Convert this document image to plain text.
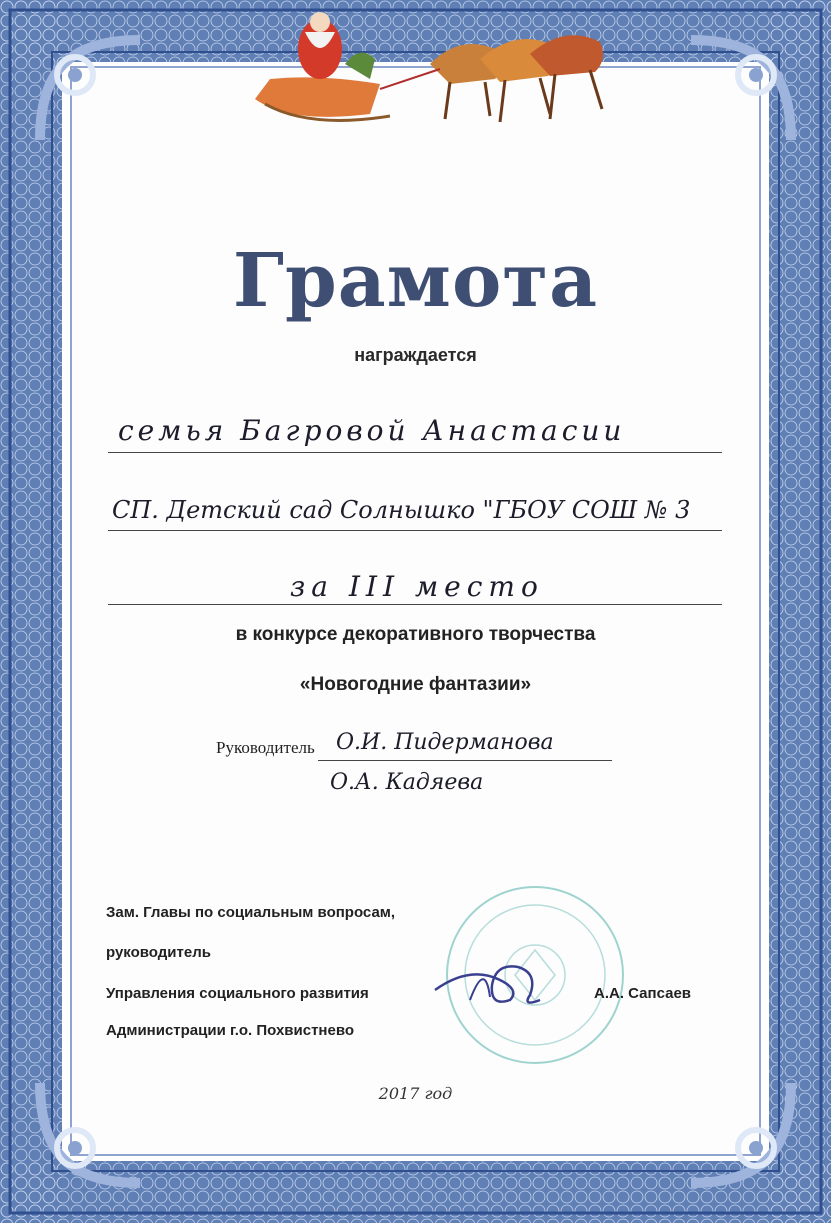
Грамота
награждается
семья Багровой Анастасии
СП. Детский сад Солнышко "ГБОУ СОШ № 3
за III место
в конкурсе декоративного творчества
«Новогодние фантазии»
Руководитель О.И. Пидерманова
О.А. Кадяева
Зам. Главы по социальным вопросам,
руководитель
Управления социального развития
Администрации г.о. Похвистнево
А.А. Сапсаев
2017 год
